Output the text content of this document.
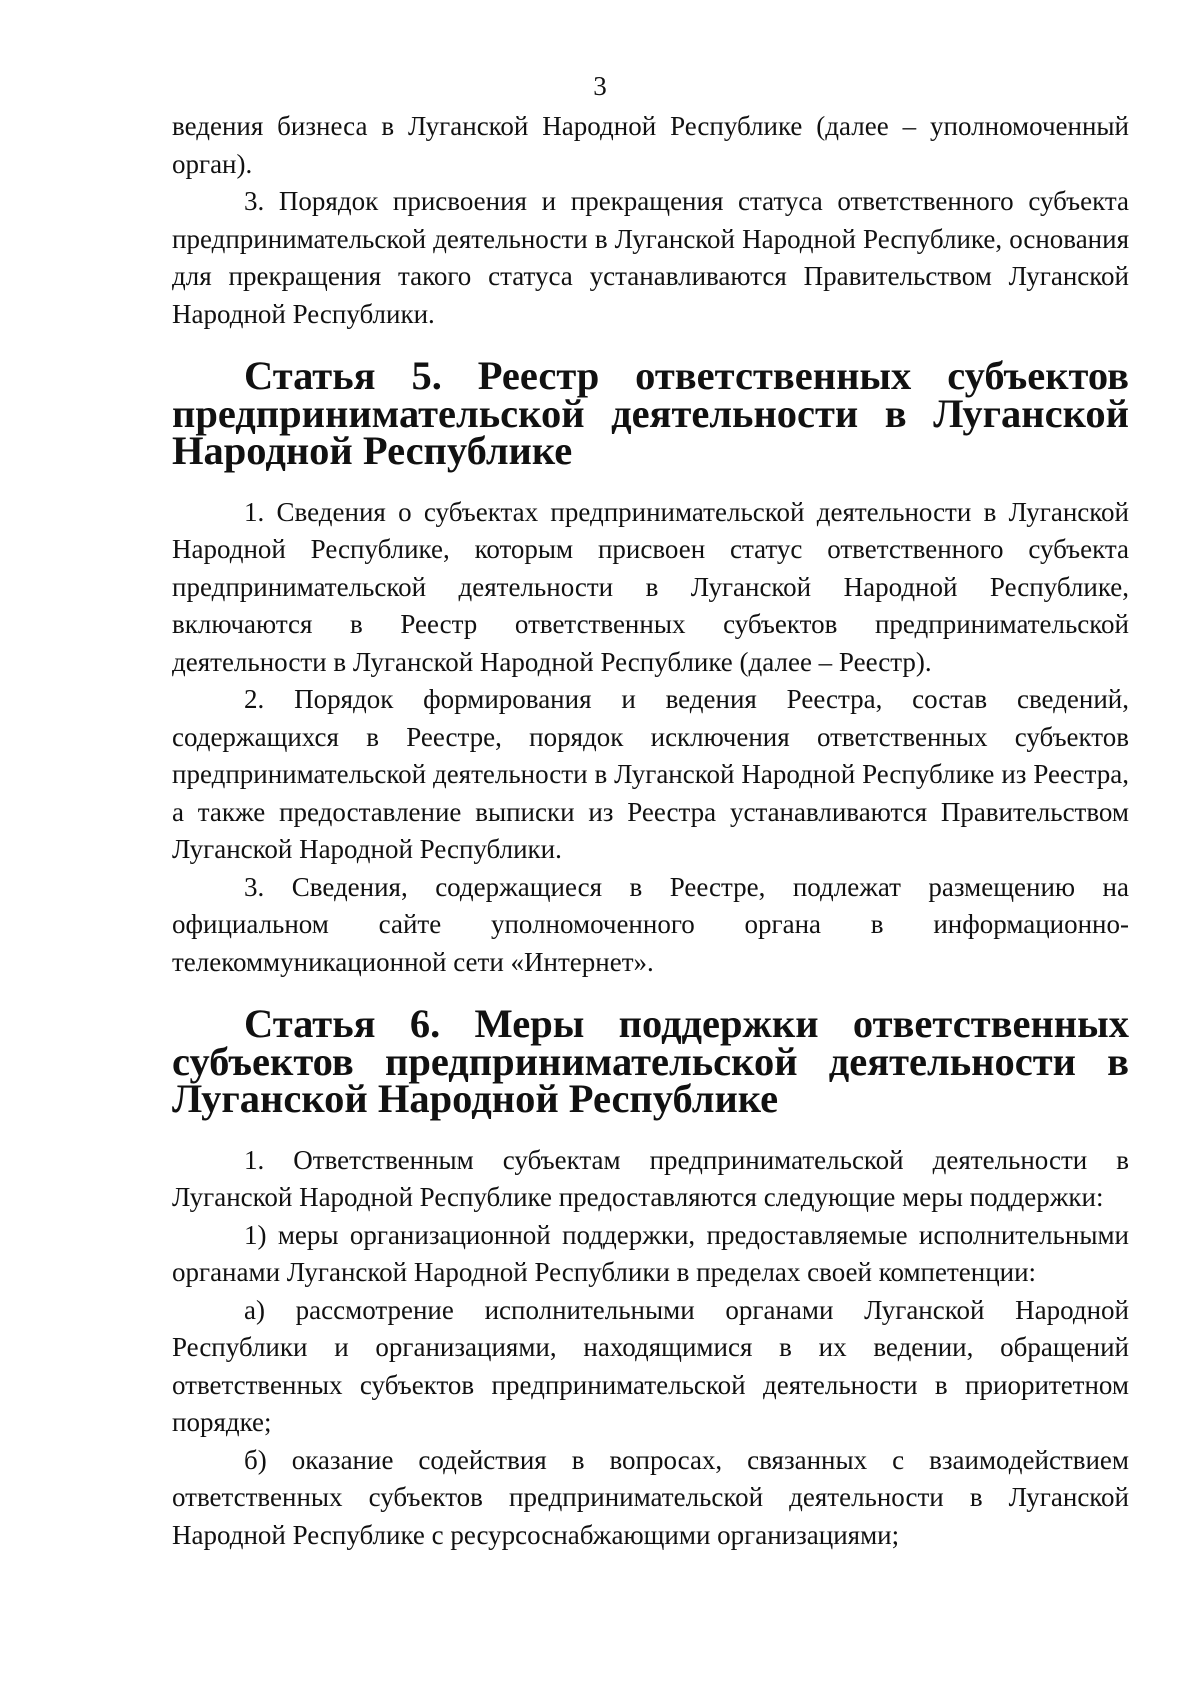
3

ведения бизнеса в Луганской Народной Республике (далее – уполномоченный орган).

3. Порядок присвоения и прекращения статуса ответственного субъекта предпринимательской деятельности в Луганской Народной Республике, основания для прекращения такого статуса устанавливаются Правительством Луганской Народной Республики.

Статья 5. Реестр ответственных субъектов предпринимательской деятельности в Луганской Народной Республике

1. Сведения о субъектах предпринимательской деятельности в Луганской Народной Республике, которым присвоен статус ответственного субъекта предпринимательской деятельности в Луганской Народной Республике, включаются в Реестр ответственных субъектов предпринимательской деятельности в Луганской Народной Республике (далее – Реестр).

2. Порядок формирования и ведения Реестра, состав сведений, содержащихся в Реестре, порядок исключения ответственных субъектов предпринимательской деятельности в Луганской Народной Республике из Реестра, а также предоставление выписки из Реестра устанавливаются Правительством Луганской Народной Республики.

3. Сведения, содержащиеся в Реестре, подлежат размещению на официальном сайте уполномоченного органа в информационно-телекоммуникационной сети «Интернет».

Статья 6. Меры поддержки ответственных субъектов предпринимательской деятельности в Луганской Народной Республике

1. Ответственным субъектам предпринимательской деятельности в Луганской Народной Республике предоставляются следующие меры поддержки:

1) меры организационной поддержки, предоставляемые исполнительными органами Луганской Народной Республики в пределах своей компетенции:

а) рассмотрение исполнительными органами Луганской Народной Республики и организациями, находящимися в их ведении, обращений ответственных субъектов предпринимательской деятельности в приоритетном порядке;

б) оказание содействия в вопросах, связанных с взаимодействием ответственных субъектов предпринимательской деятельности в Луганской Народной Республике с ресурсоснабжающими организациями;
